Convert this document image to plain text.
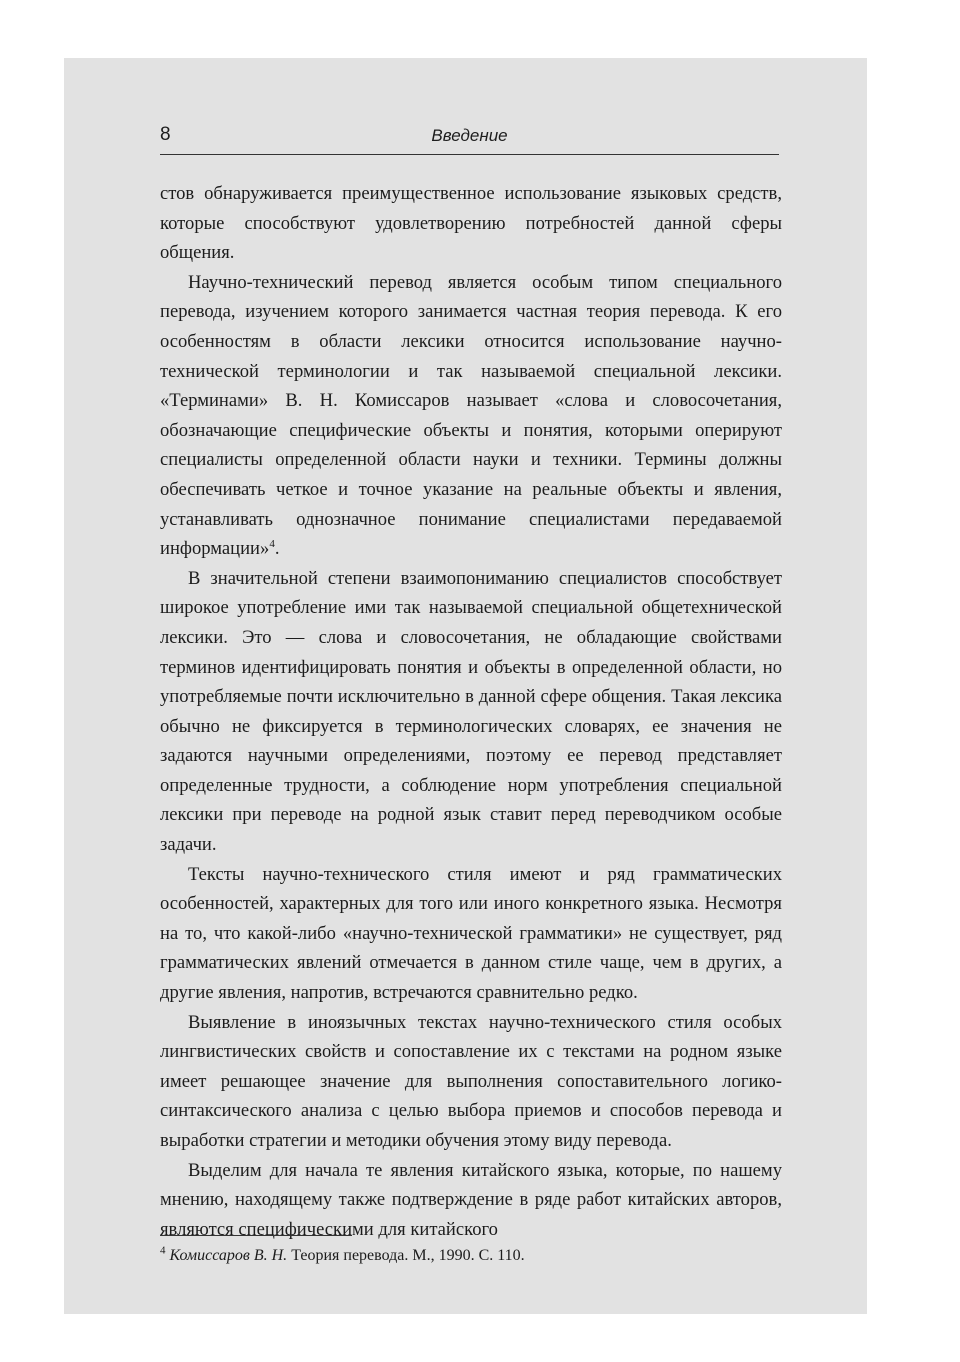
8	Введение

стов обнаруживается преимущественное использование языковых средств, которые способствуют удовлетворению потребностей данной сферы общения.

Научно-технический перевод является особым типом специального перевода, изучением которого занимается частная теория перевода. К его особенностям в области лексики относится использование научно-технической терминологии и так называемой специальной лексики. «Терминами» В. Н. Комиссаров называет «слова и словосочетания, обозначающие специфические объекты и понятия, которыми оперируют специалисты определенной области науки и техники. Термины должны обеспечивать четкое и точное указание на реальные объекты и явления, устанавливать однозначное понимание специалистами передаваемой информации»$^4$.

В значительной степени взаимопониманию специалистов способствует широкое употребление ими так называемой специальной общетехнической лексики. Это — слова и словосочетания, не обладающие свойствами терминов идентифицировать понятия и объекты в определенной области, но употребляемые почти исключительно в данной сфере общения. Такая лексика обычно не фиксируется в терминологических словарях, ее значения не задаются научными определениями, поэтому ее перевод представляет определенные трудности, а соблюдение норм употребления специальной лексики при переводе на родной язык ставит перед переводчиком особые задачи.

Тексты научно-технического стиля имеют и ряд грамматических особенностей, характерных для того или иного конкретного языка. Несмотря на то, что какой-либо «научно-технической грамматики» не существует, ряд грамматических явлений отмечается в данном стиле чаще, чем в других, а другие явления, напротив, встречаются сравнительно редко.

Выявление в иноязычных текстах научно-технического стиля особых лингвистических свойств и сопоставление их с текстами на родном языке имеет решающее значение для выполнения сопоставительного логико-синтаксического анализа с целью выбора приемов и способов перевода и выработки стратегии и методики обучения этому виду перевода.

Выделим для начала те явления китайского языка, которые, по нашему мнению, находящему также подтверждение в ряде работ китайских авторов, являются специфическими для китайского

$^4$ Комиссаров В. Н. Теория перевода. М., 1990. С. 110.
